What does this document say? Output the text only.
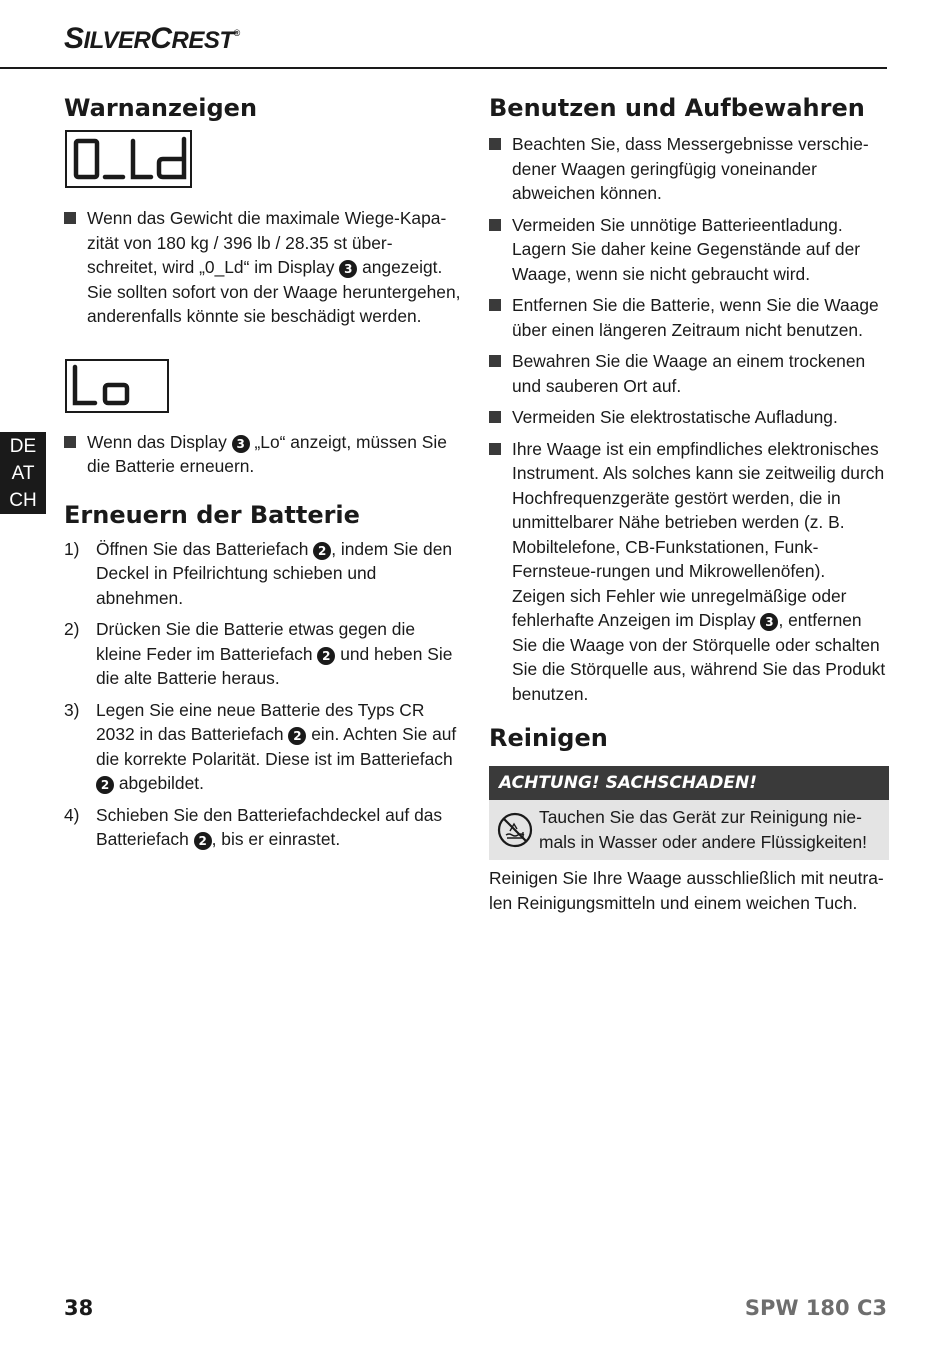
SILVERCREST®
DE
AT
CH
Warnanzeigen
Wenn das Gewicht die maximale Wiege-Kapa-zität von 180 kg / 396 lb / 28.35 st über-schreitet, wird „0_Ld“ im Display 3 angezeigt. Sie sollten sofort von der Waage heruntergehen, anderenfalls könnte sie beschädigt werden.
Wenn das Display 3 „Lo“ anzeigt, müssen Sie die Batterie erneuern.
Erneuern der Batterie
1) Öffnen Sie das Batteriefach 2 , indem Sie den Deckel in Pfeilrichtung schieben und abnehmen.
2) Drücken Sie die Batterie etwas gegen die kleine Feder im Batteriefach 2 und heben Sie die alte Batterie heraus.
3) Legen Sie eine neue Batterie des Typs CR 2032 in das Batteriefach 2 ein. Achten Sie auf die korrekte Polarität. Diese ist im Batteriefach 2 abgebildet.
4) Schieben Sie den Batteriefachdeckel auf das Batteriefach 2 , bis er einrastet.
Benutzen und Aufbewahren
Beachten Sie, dass Messergebnisse verschie-dener Waagen geringfügig voneinander abweichen können.
Vermeiden Sie unnötige Batterieentladung. Lagern Sie daher keine Gegenstände auf der Waage, wenn sie nicht gebraucht wird.
Entfernen Sie die Batterie, wenn Sie die Waage über einen längeren Zeitraum nicht benutzen.
Bewahren Sie die Waage an einem trockenen und sauberen Ort auf.
Vermeiden Sie elektrostatische Aufladung.
Ihre Waage ist ein empfindliches elektronisches Instrument. Als solches kann sie zeitweilig durch Hochfrequenzgeräte gestört werden, die in unmittelbarer Nähe betrieben werden (z. B. Mobiltelefone, CB-Funkstationen, Funk-Fernsteue-rungen und Mikrowellenöfen).
Zeigen sich Fehler wie unregelmäßige oder fehlerhafte Anzeigen im Display 3 , entfernen Sie die Waage von der Störquelle oder schalten Sie die Störquelle aus, während Sie das Produkt benutzen.
Reinigen
ACHTUNG! SACHSCHADEN!
Tauchen Sie das Gerät zur Reinigung nie-mals in Wasser oder andere Flüssigkeiten!

Reinigen Sie Ihre Waage ausschließlich mit neutra-len Reinigungsmitteln und einem weichen Tuch.

38	SPW 180 C3
